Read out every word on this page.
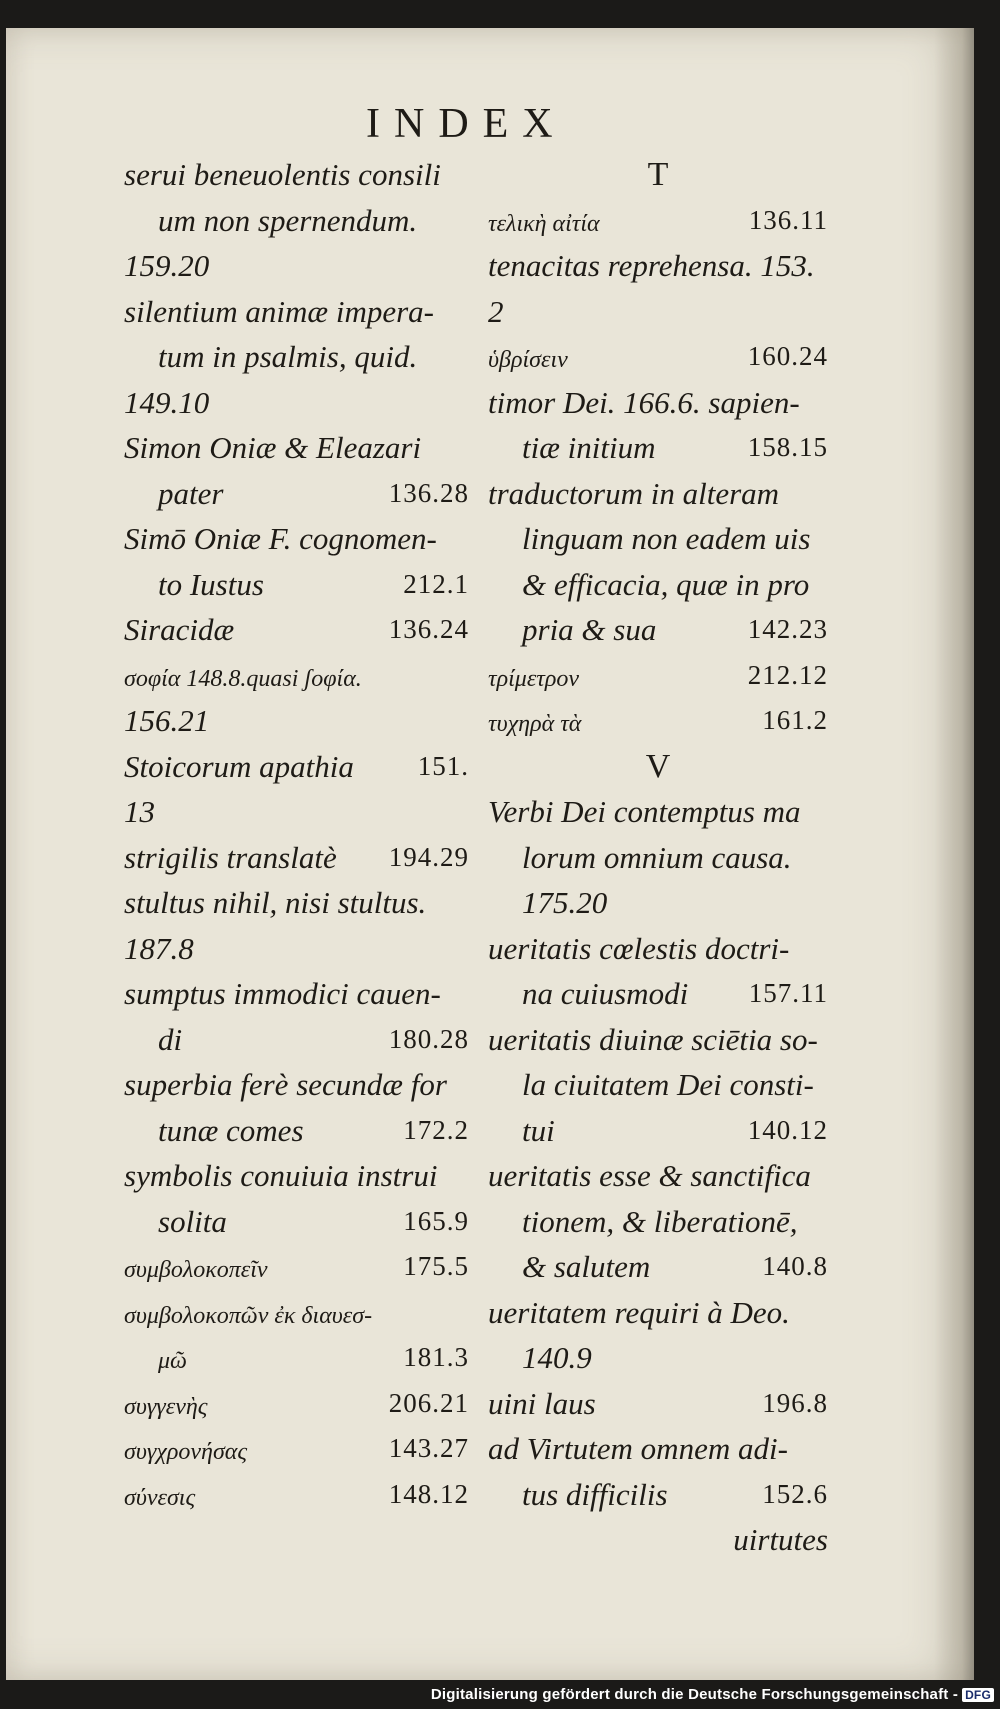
INDEX
serui beneuolentis consili
um non spernendum.
159.20
silentium animæ impera-
tum in psalmis, quid.
149.10
Simon Oniæ & Eleazari
pater	136.28
Simō Oniæ F. cognomen-
to Iustus	212.1
Siracidæ	136.24
σοφία 148.8.quasi ʃοφία.
156.21
Stoicorum apathia 151.
13
strigilis translatè 194.29
stultus nihil, nisi stultus.
187.8
sumptus immodici cauen-
di	180.28
superbia ferè secundæ for
tunæ comes	172.2
symbolis conuiuia instrui
solita	165.9
συμβολοκοπεῖν	175.5
συμβολοκοπῶν ἐκ διαυεσ-
μῶ	181.3
συγγενὴς	206.21
συγχρονήσας	143.27
σύνεσις	148.12
T
τελικὴ αἰτία	136.11
tenacitas reprehensa. 153.
2
ὑβρίσειν	160.24
timor Dei. 166.6. sapien-
tiæ initium	158.15
traductorum in alteram
linguam non eadem uis
& efficacia, quæ in pro
pria & sua	142.23
τρίμετρον	212.12
τυχηρὰ τὰ	161.2
V
Verbi Dei contemptus ma
lorum omnium causa.
175.20
ueritatis cœlestis doctri-
na cuiusmodi 157.11
ueritatis diuinæ sciētia so-
la ciuitatem Dei consti-
tui	140.12
ueritatis esse & sanctifica
tionem, & liberationē,
& salutem	140.8
ueritatem requiri à Deo.
140.9
uini laus	196.8
ad Virtutem omnem adi-
tus difficilis	152.6
uirtutes
Digitalisierung gefördert durch die Deutsche Forschungsgemeinschaft - DFG
